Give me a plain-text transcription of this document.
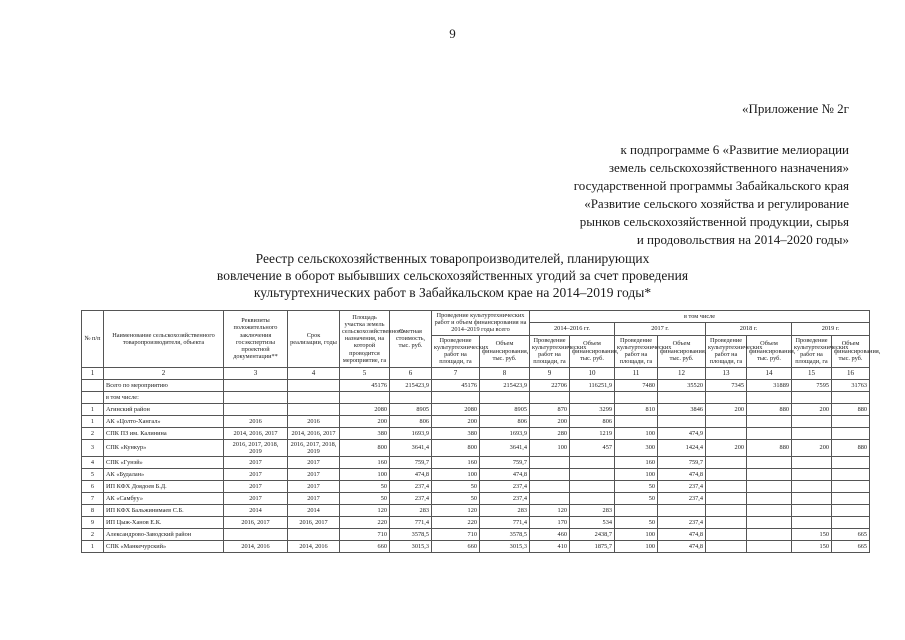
9
«Приложение № 2г
к подпрограмме 6 «Развитие мелиорации
земель сельскохозяйственного назначения»
государственной программы Забайкальского края
«Развитие сельского хозяйства и регулирование
рынков сельскохозяйственной продукции, сырья
и продовольствия на 2014–2020 годы»
Реестр сельскохозяйственных товаропроизводителей, планирующих
вовлечение в оборот выбывших сельскохозяйственных угодий за счет проведения
культуртехнических работ в Забайкальском крае на 2014–2019 годы*
№ п/п	Наименование сельскохозяйственного товаропроизводителя, объекта	Реквизиты положительного заключения госэкспертизы проектной документации**	Срок реализации, годы	Площадь участка земель сельскохозяйственного назначения, на которой проводится мероприятие, га	Сметная стоимость, тыс. руб.	Проведение культуртехнических работ и объем финансирования на 2014–2019 годы всего		в том числе							
								2014–2016 гг.		2017 г.		2018 г.		2019 г.	
						Проведение культуртехнических работ на площади, га	Объем финансирования, тыс. руб.	Проведение культуртехнических работ на площади, га	Объем финансирования, тыс. руб.	Проведение культуртехнических работ на площади, га	Объем финансирования, тыс. руб.	Проведение культуртехнических работ на площади, га	Объем финансирования, тыс. руб.	Проведение культуртехнических работ на площади, га	Объем финансирования, тыс. руб.
1	2	3	4	5	6	7	8	9	10	11	12	13	14	15	16
	Всего по мероприятию			45176	215423,9	45176	215423,9	22706	116251,9	7480	35520	7345	31889	7595	31763
	в том числе:														
1	Агинский район			2080	8905	2080	8905	870	3299	810	3846	200	880	200	880
1	АК «Цолто-Хангал»	2016	2016	200	806	200	806	200	806						
2	СПК ПЗ им. Калинина	2014, 2016, 2017	2014, 2016, 2017	380	1693,9	380	1693,9	280	1219	100	474,9				
3	СПК «Кункур»	2016, 2017, 2018, 2019	2016, 2017, 2018, 2019	800	3641,4	800	3641,4	100	457	300	1424,4	200	880	200	880
4	СПК «Гунэй»	2017	2017	160	759,7	160	759,7			160	759,7				
5	АК «Будалан»	2017	2017	100	474,8	100	474,8			100	474,8				
6	ИП КФХ Доядоев Б.Д.	2017	2017	50	237,4	50	237,4			50	237,4				
7	АК «Самбуу»	2017	2017	50	237,4	50	237,4			50	237,4				
8	ИП КФХ Бальжинимаев С.Б.	2014	2014	120	283	120	283	120	283						
9	ИП Цыж-Ханов Е.К.	2016, 2017	2016, 2017	220	771,4	220	771,4	170	534	50	237,4				
2	Александрово-Заводский район			710	3578,5	710	3578,5	460	2438,7	100	474,8			150	665
1	СПК «Манкечурский»	2014, 2016	2014, 2016	660	3015,3	660	3015,3	410	1875,7	100	474,8			150	665
